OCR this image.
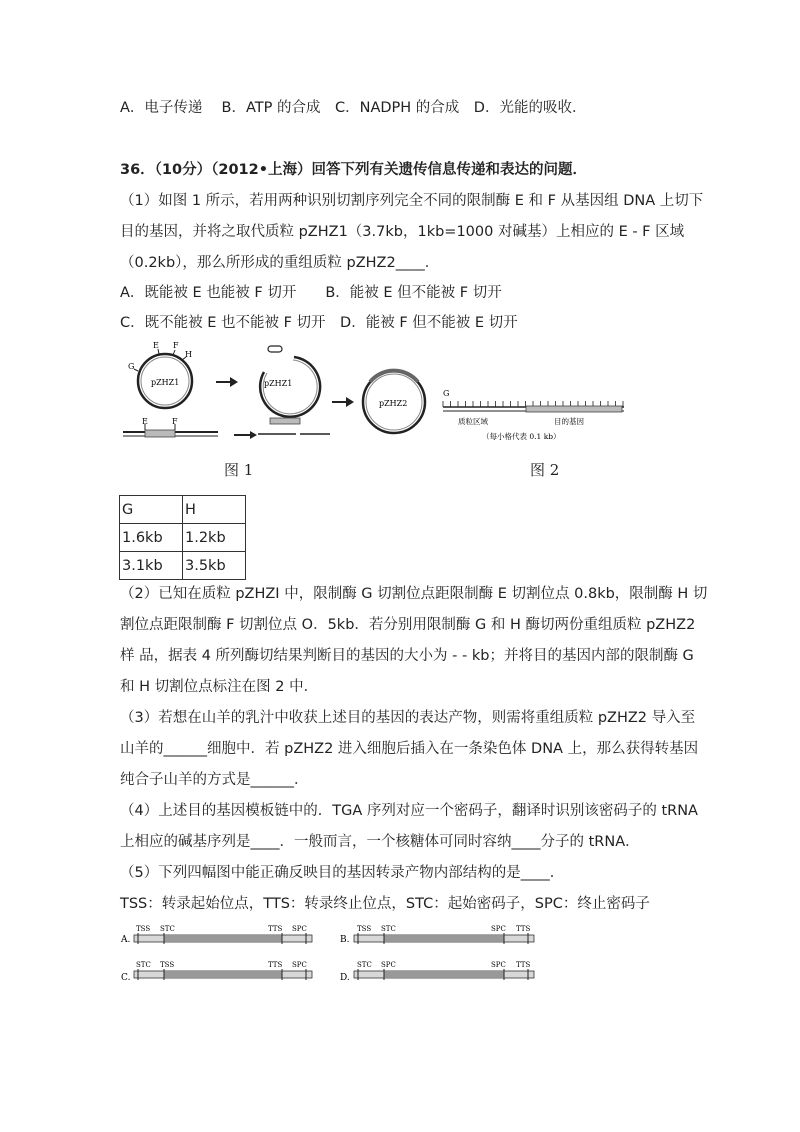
A．电子传递　 B．ATP 的合成　C．NADPH 的合成　D．光能的吸收．
36．（10分）（2012•上海）回答下列有关遗传信息传递和表达的问题．
（1）如图 1 所示，若用两种识别切割序列完全不同的限制酶 E 和 F 从基因组 DNA 上切下
目的基因，并将之取代质粒 pZHZ1（3.7kb，1kb=1000 对碱基）上相应的 E - F 区域
（0.2kb），那么所形成的重组质粒 pZHZ2____．
A．既能被 E 也能被 F 切开　　B．能被 E 但不能被 F 切开
C．既不能被 E 也不能被 F 切开　D．能被 F 但不能被 E 切开
pZHZ1
E F
H
G
E	F
pZHZ1
pZHZ2
G
质粒区域	目的基因
（每小格代表 0.1 kb）
图 1	图 2
G	H
1.6kb	1.2kb
3.1kb	3.5kb
（2）已知在质粒 pZHZI 中，限制酶 G 切割位点距限制酶 E 切割位点 0.8kb，限制酶 H 切
割位点距限制酶 F 切割位点 O．5kb．若分别用限制酶 G 和 H 酶切两份重组质粒 pZHZ2
样 品，据表 4 所列酶切结果判断目的基因的大小为 - - kb；并将目的基因内部的限制酶 G
和 H 切割位点标注在图 2 中．
（3）若想在山羊的乳汁中收获上述目的基因的表达产物，则需将重组质粒 pZHZ2 导入至
山羊的______细胞中．若 pZHZ2 进入细胞后插入在一条染色体 DNA 上，那么获得转基因
纯合子山羊的方式是______．
（4）上述目的基因模板链中的．TGA 序列对应一个密码子，翻译时识别该密码子的 tRNA
上相应的碱基序列是____．一般而言，一个核糖体可同时容纳____分子的 tRNA．
（5）下列四幅图中能正确反映目的基因转录产物内部结构的是____．
TSS：转录起始位点，TTS：转录终止位点，STC：起始密码子，SPC：终止密码子
A.
TSS STC	TTS SPC
B.
TSS STC	SPC TTS
C.
STC TSS	TTS SPC
D.
STC SPC	SPC TTS
